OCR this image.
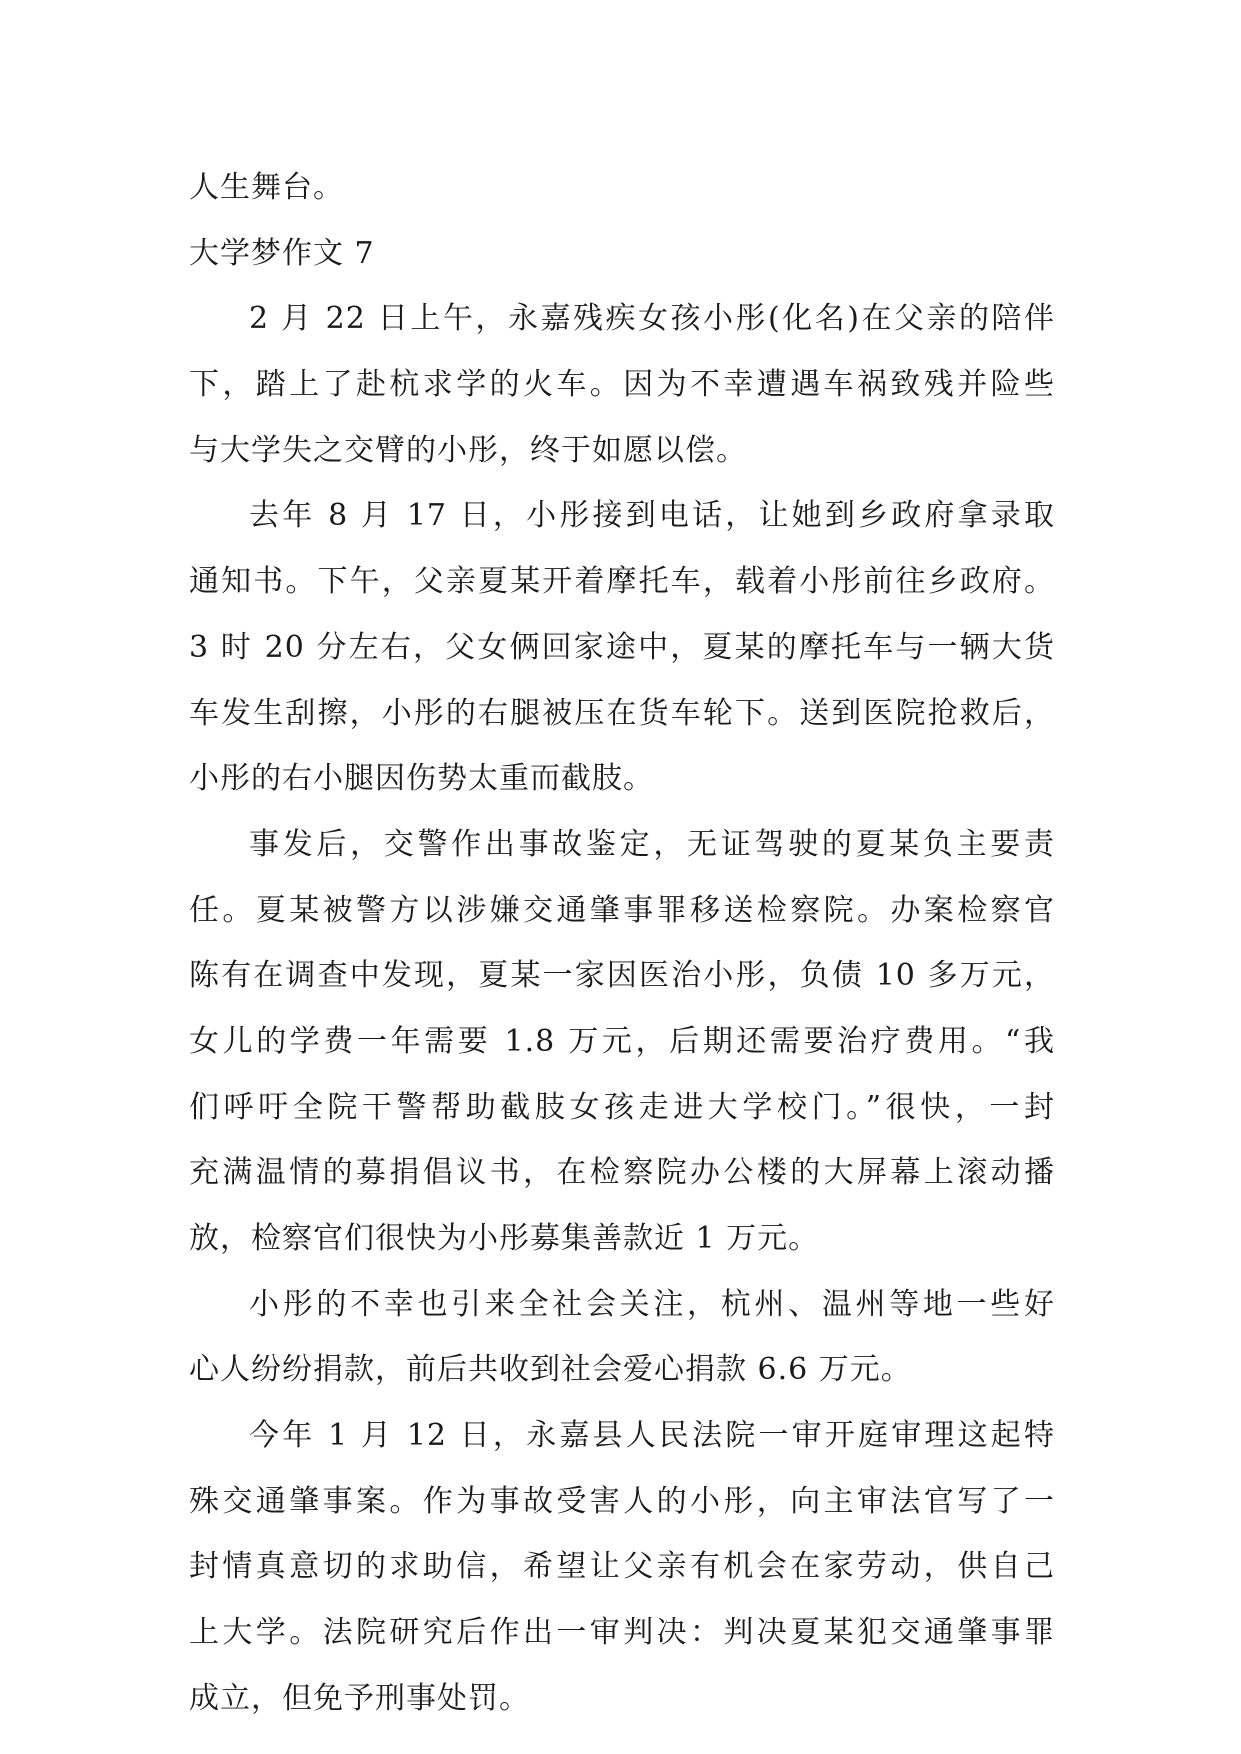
人生舞台。
大学梦作文 7
2 月 22 日上午，永嘉残疾女孩小彤(化名)在父亲的陪伴
下，踏上了赴杭求学的火车。因为不幸遭遇车祸致残并险些
与大学失之交臂的小彤，终于如愿以偿。
去年 8 月 17 日，小彤接到电话，让她到乡政府拿录取
通知书。下午，父亲夏某开着摩托车，载着小彤前往乡政府。
3 时 20 分左右，父女俩回家途中，夏某的摩托车与一辆大货
车发生刮擦，小彤的右腿被压在货车轮下。送到医院抢救后，
小彤的右小腿因伤势太重而截肢。
事发后，交警作出事故鉴定，无证驾驶的夏某负主要责
任。夏某被警方以涉嫌交通肇事罪移送检察院。办案检察官
陈有在调查中发现，夏某一家因医治小彤，负债 10 多万元，
女儿的学费一年需要 1.8 万元，后期还需要治疗费用。“我
们呼吁全院干警帮助截肢女孩走进大学校门。”很快，一封
充满温情的募捐倡议书，在检察院办公楼的大屏幕上滚动播
放，检察官们很快为小彤募集善款近 1 万元。
小彤的不幸也引来全社会关注，杭州、温州等地一些好
心人纷纷捐款，前后共收到社会爱心捐款 6.6 万元。
今年 1 月 12 日，永嘉县人民法院一审开庭审理这起特
殊交通肇事案。作为事故受害人的小彤，向主审法官写了一
封情真意切的求助信，希望让父亲有机会在家劳动，供自己
上大学。法院研究后作出一审判决：判决夏某犯交通肇事罪
成立，但免予刑事处罚。
